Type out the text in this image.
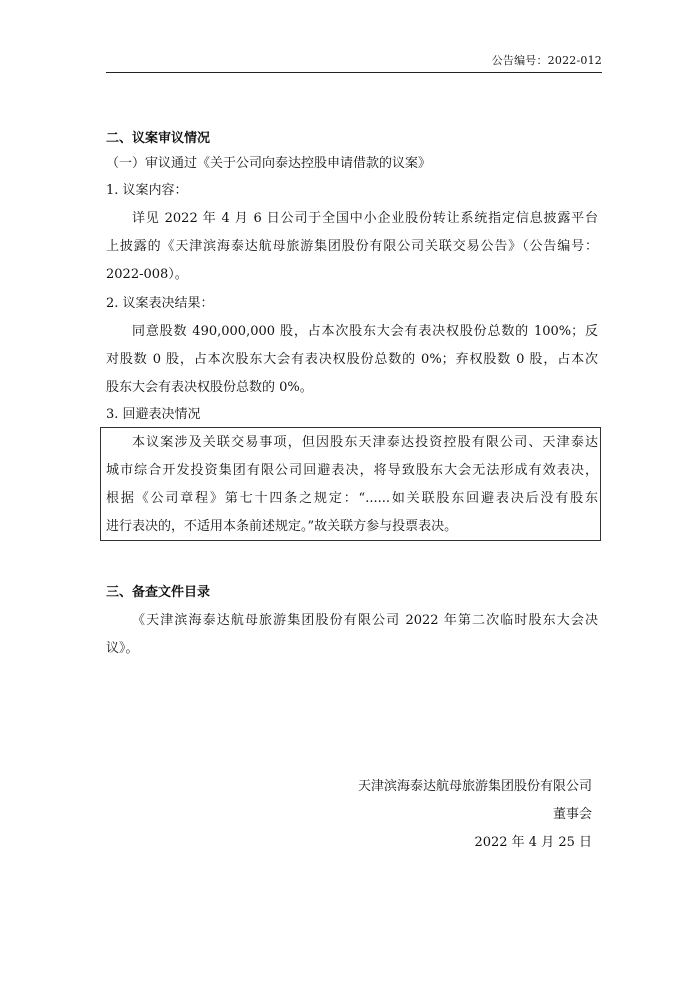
公告编号：2022-012
二、议案审议情况
（一）审议通过《关于公司向泰达控股申请借款的议案》
1. 议案内容：
详见 2022 年 4 月 6 日公司于全国中小企业股份转让系统指定信息披露平台
上披露的《天津滨海泰达航母旅游集团股份有限公司关联交易公告》（公告编号：
2022-008）。
2. 议案表决结果：
同意股数 490,000,000 股，占本次股东大会有表决权股份总数的 100%；反
对股数 0 股，占本次股东大会有表决权股份总数的 0%；弃权股数 0 股，占本次
股东大会有表决权股份总数的 0%。
3. 回避表决情况
本议案涉及关联交易事项，但因股东天津泰达投资控股有限公司、天津泰达
城市综合开发投资集团有限公司回避表决，将导致股东大会无法形成有效表决，
根据《公司章程》第七十四条之规定：“......如关联股东回避表决后没有股东
进行表决的，不适用本条前述规定。”故关联方参与投票表决。
三、备查文件目录
《天津滨海泰达航母旅游集团股份有限公司 2022 年第二次临时股东大会决
议》。
天津滨海泰达航母旅游集团股份有限公司
董事会
2022 年 4 月 25 日
